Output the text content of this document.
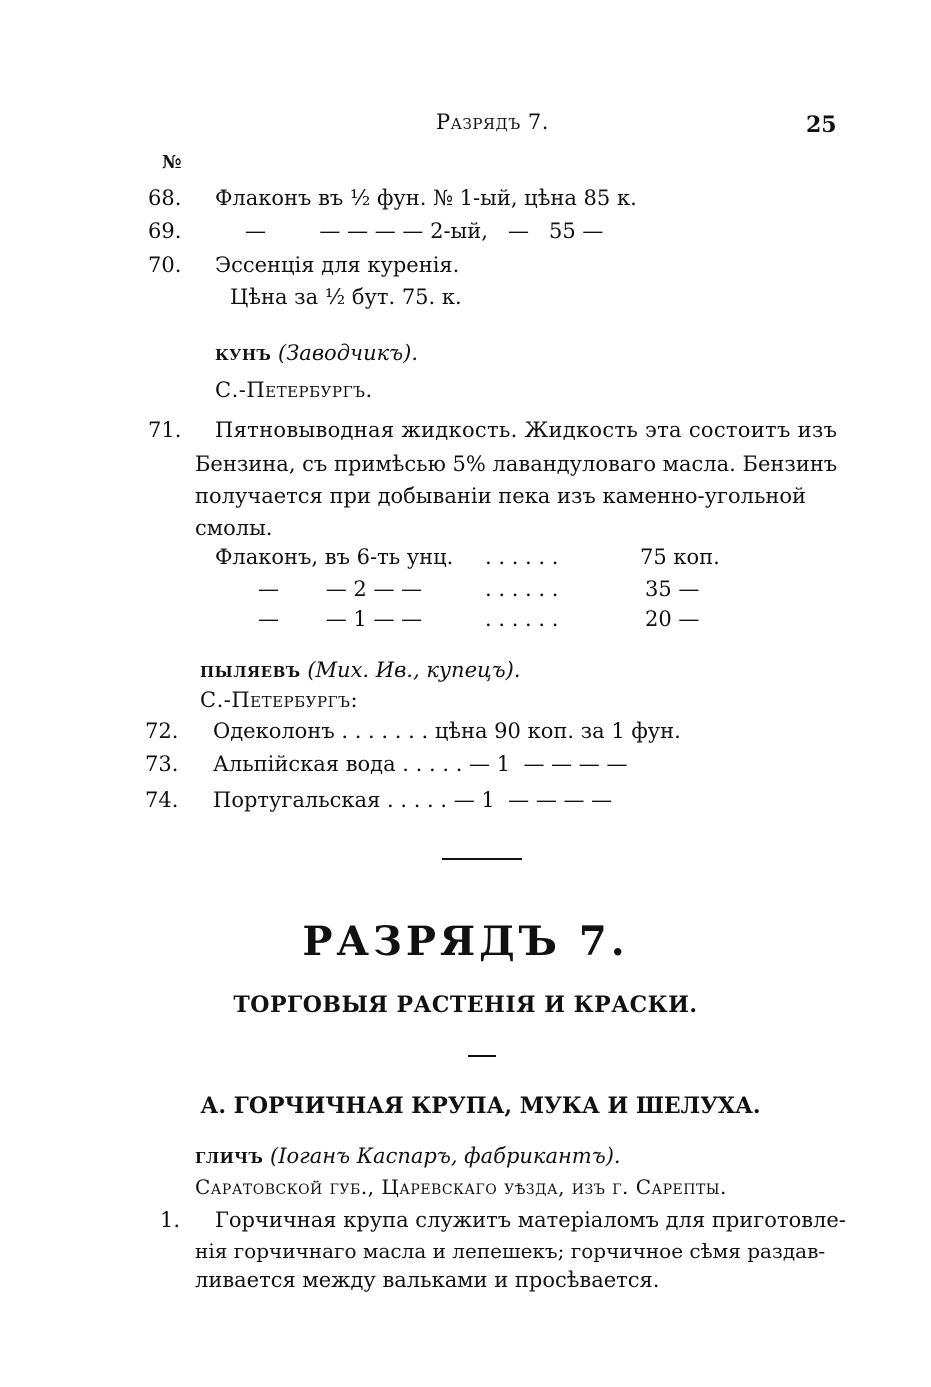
Разрядъ 7.	25
№
68. Флаконъ въ ½ фун. № 1-ый, цѣна 85 к.
69.	—        — — — — 2-ый,   —   55 —
70. Эссенція для куренія.
Цѣна за ½ бут. 75. к.
кунъ (Заводчикъ).
С.-Петербургъ.
71. Пятновыводная жидкость. Жидкость эта состоитъ изъ
Бензина, съ примѣсью 5% лавандуловаго масла. Бензинъ
получается при добываніи пека изъ каменно-угольной
смолы.
Флаконъ, въ 6-ть унц. . . . . . .	75 коп.
—       — 2 — —	. . . . . .	35 —
—       — 1 — —	. . . . . .	20 —
пыляевъ (Мих. Ив., купецъ).
С.-Петербургъ:
72. Одеколонъ . . . . . . . цѣна 90 коп. за 1 фун.
73. Альпійская вода . . . . . — 1  — — — —
74. Португальская . . . . . — 1  — — — —
РАЗРЯДЪ 7.
ТОРГОВЫЯ РАСТЕНІЯ И КРАСКИ.
А. ГОРЧИЧНАЯ КРУПА, МУКА И ШЕЛУХА.
гличъ (Іоганъ Каспаръ, фабрикантъ).
Саратовской губ., Царевскаго уѣзда, изъ г. Сарепты.
1. Горчичная крупа служитъ матеріаломъ для приготовле-
нія горчичнаго масла и лепешекъ; горчичное сѣмя раздав-
ливается между вальками и просѣвается.
